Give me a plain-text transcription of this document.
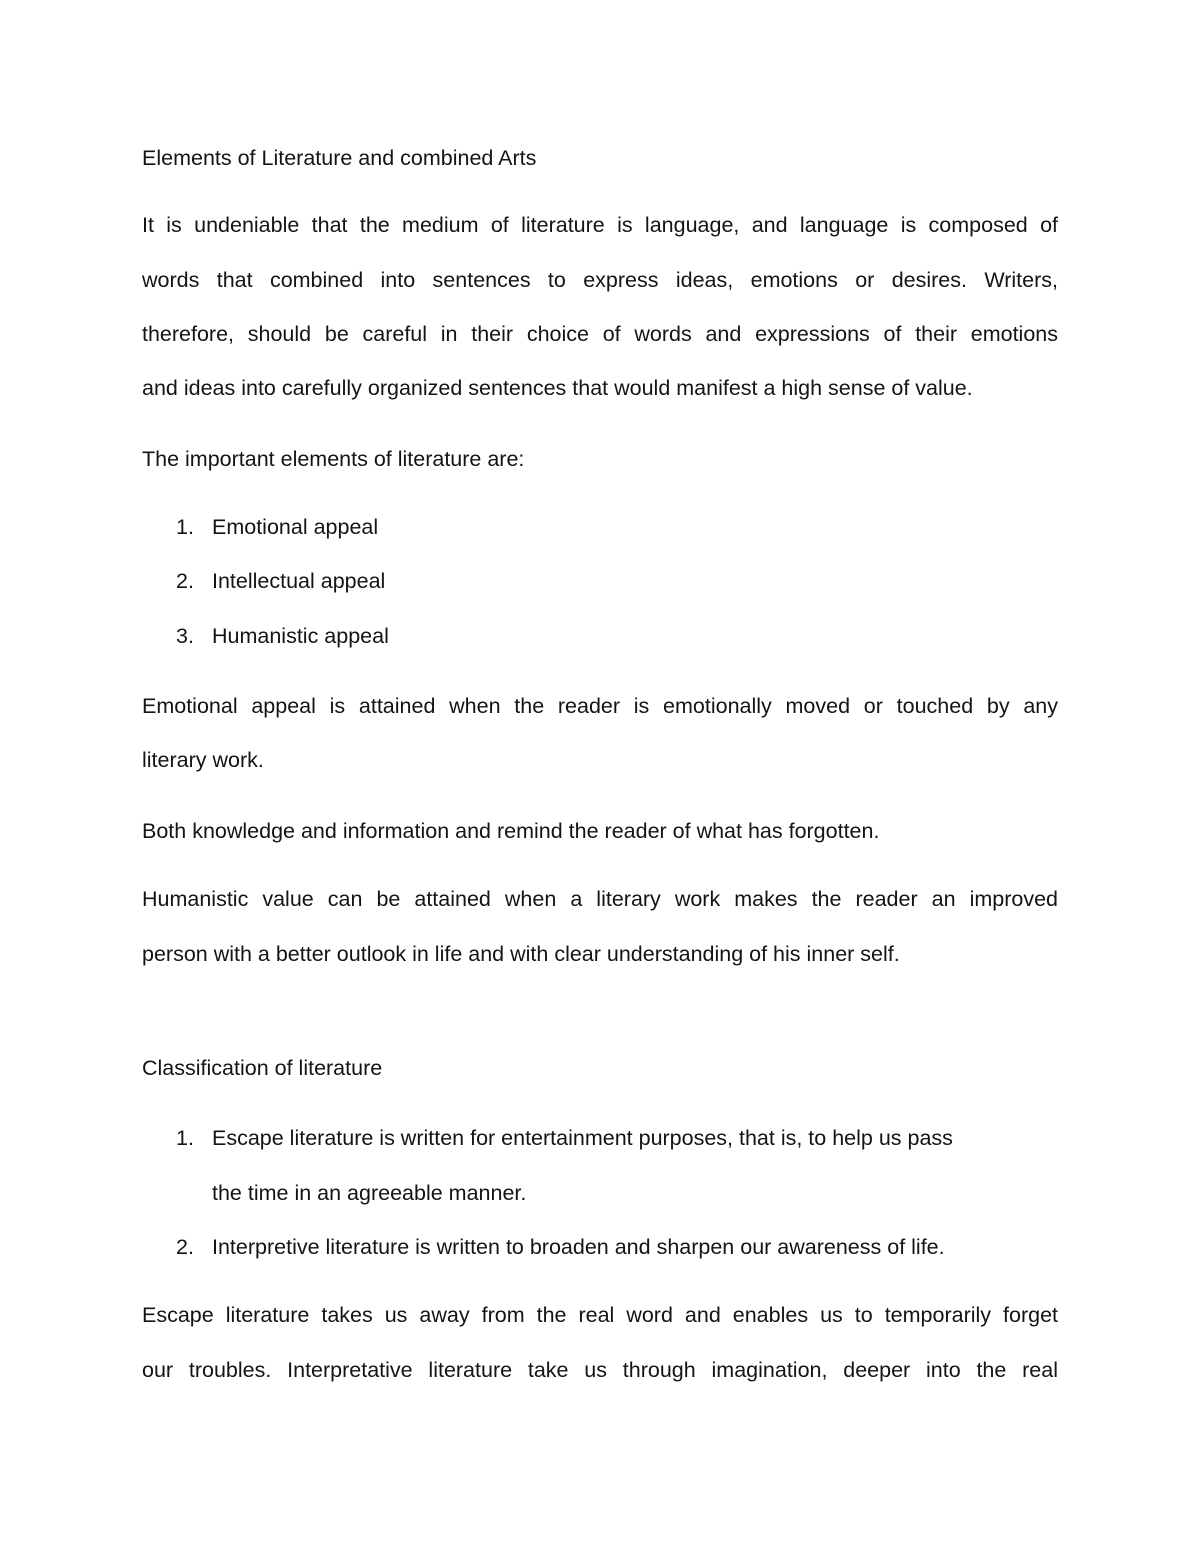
Elements of Literature and combined Arts
It is undeniable that the medium of literature is language, and language is composed of
words that combined into sentences to express ideas, emotions or desires. Writers,
therefore, should be careful in their choice of words and expressions of their emotions
and ideas into carefully organized sentences that would manifest a high sense of value.
The important elements of literature are:
1. Emotional appeal
2. Intellectual appeal
3. Humanistic appeal
Emotional appeal is attained when the reader is emotionally moved or touched by any
literary work.
Both knowledge and information and remind the reader of what has forgotten.
Humanistic value can be attained when a literary work makes the reader an improved
person with a better outlook in life and with clear understanding of his inner self.
Classification of literature
1. Escape literature is written for entertainment purposes, that is, to help us pass
the time in an agreeable manner.
2. Interpretive literature is written to broaden and sharpen our awareness of life.
Escape literature takes us away from the real word and enables us to temporarily forget
our troubles. Interpretative literature take us through imagination, deeper into the real
